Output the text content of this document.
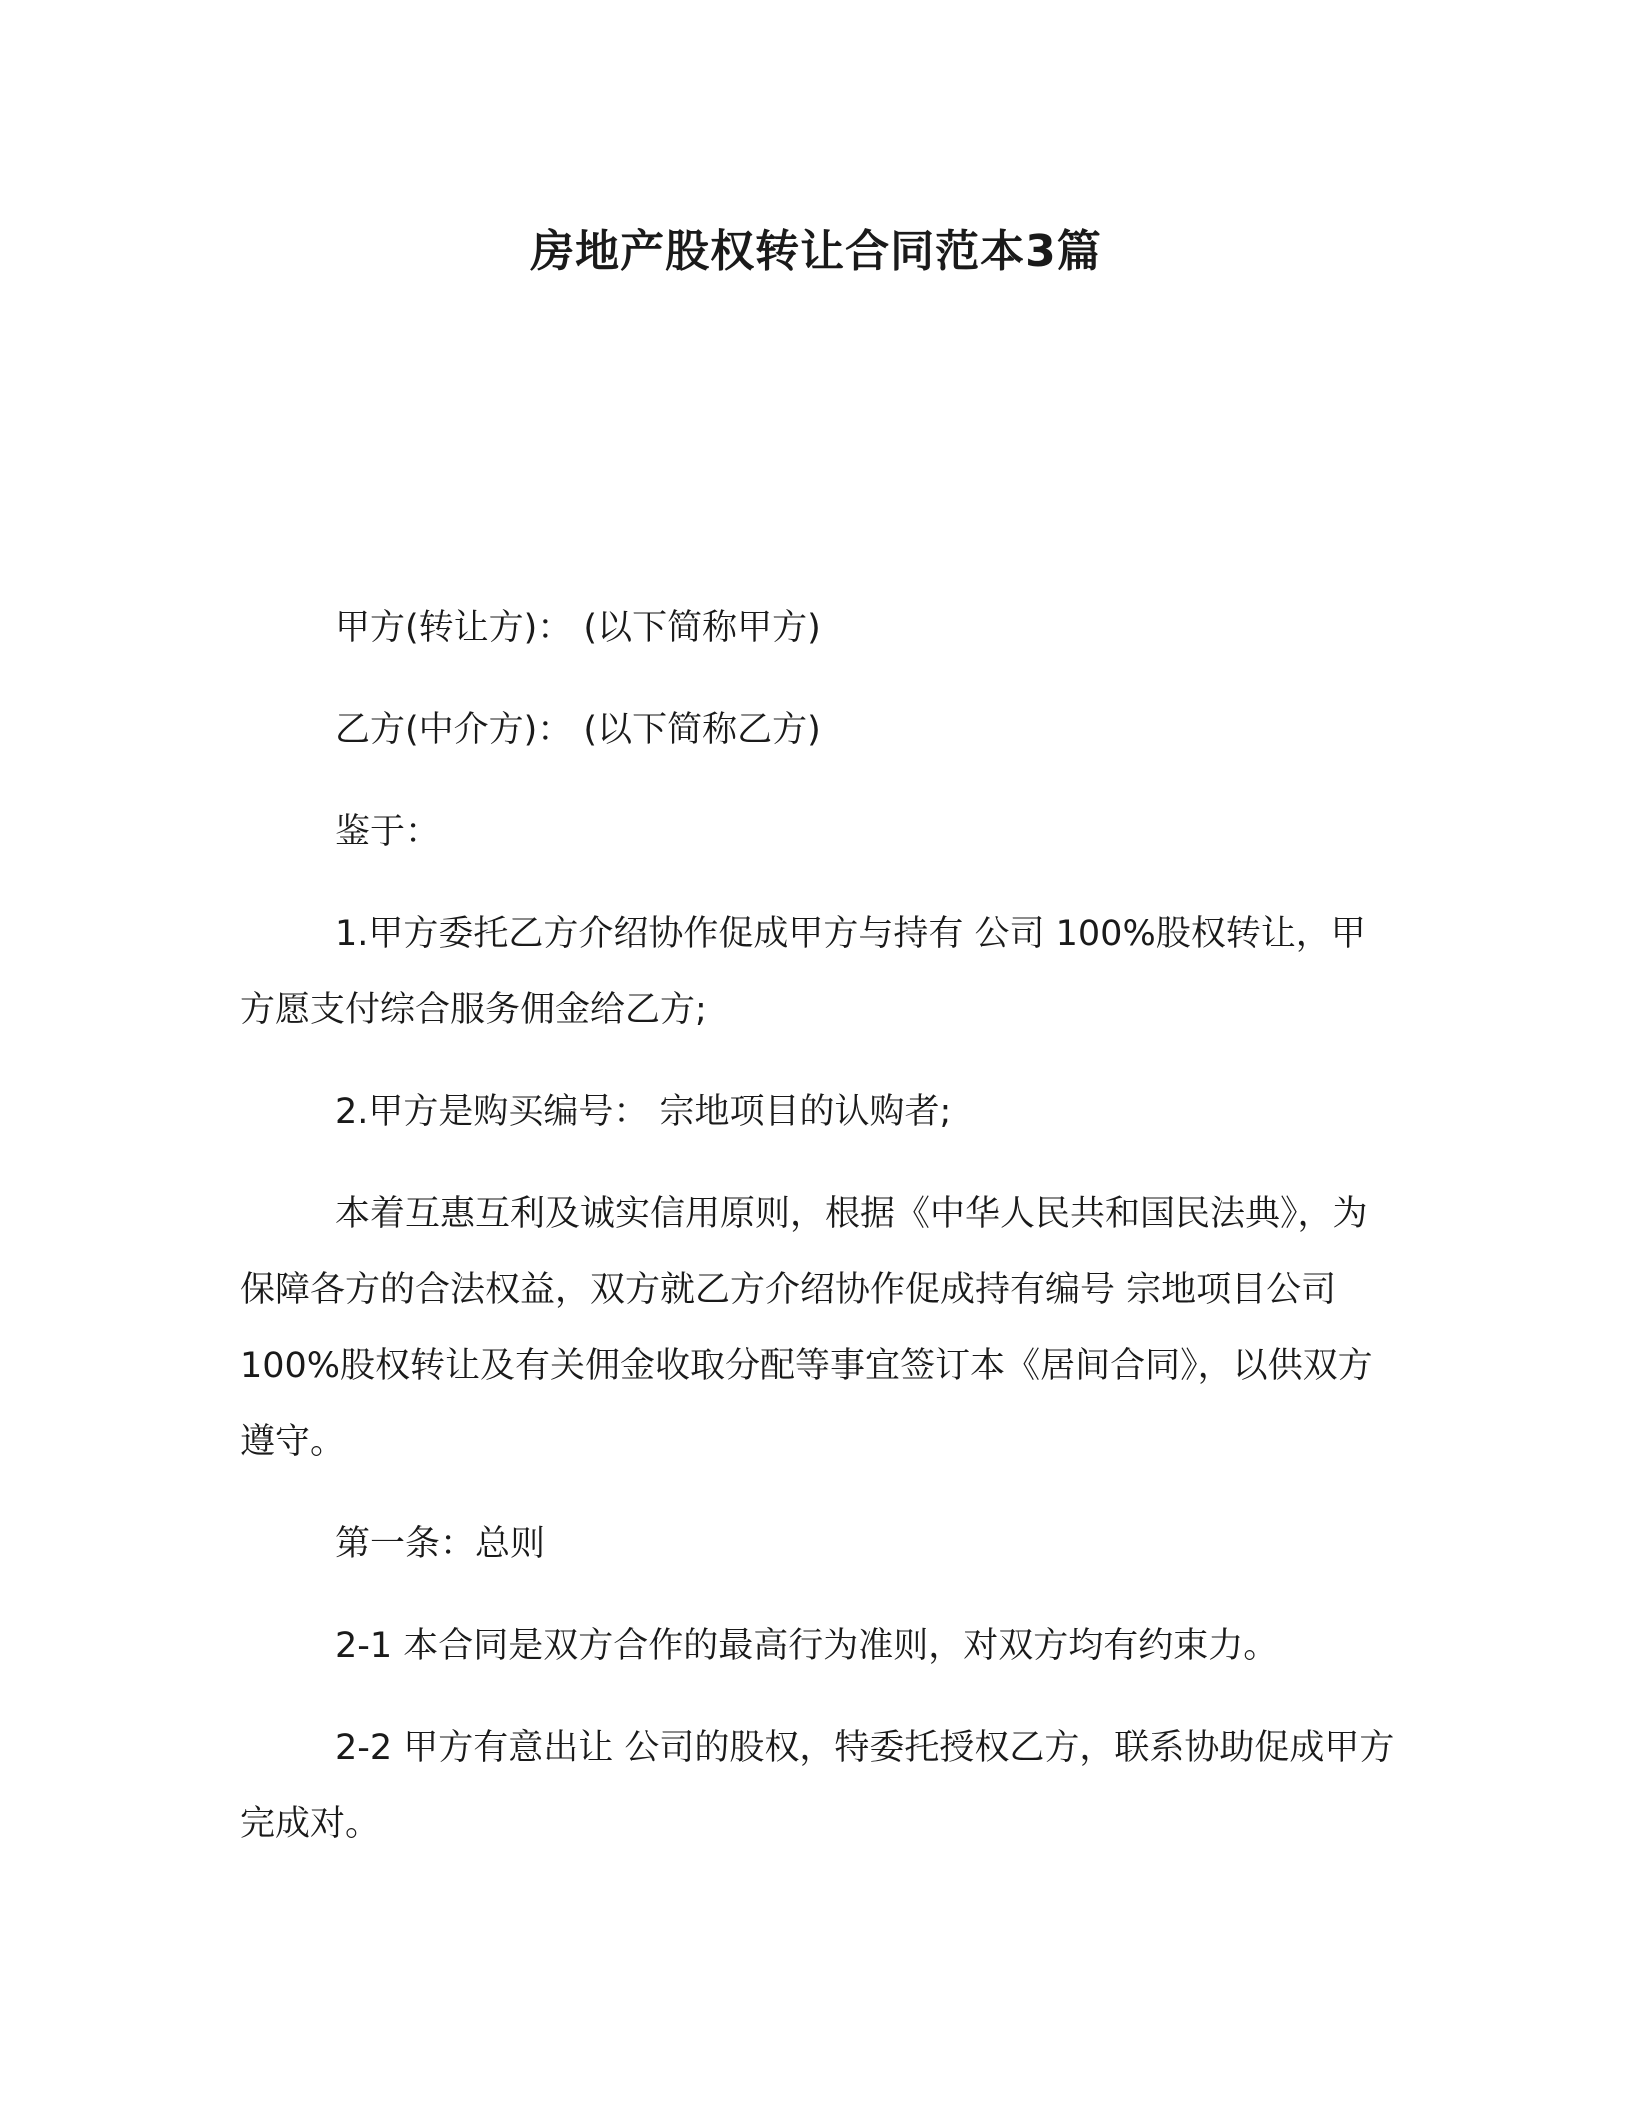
房地产股权转让合同范本3篇

甲方(转让方)： (以下简称甲方)

乙方(中介方)： (以下简称乙方)

鉴于：

1.甲方委托乙方介绍协作促成甲方与持有 公司 100%股权转让，甲方愿支付综合服务佣金给乙方;

2.甲方是购买编号： 宗地项目的认购者;

本着互惠互利及诚实信用原则，根据《中华人民共和国民法典》，为保障各方的合法权益，双方就乙方介绍协作促成持有编号 宗地项目公司 100%股权转让及有关佣金收取分配等事宜签订本《居间合同》，以供双方遵守。

第一条：总则

2-1 本合同是双方合作的最高行为准则，对双方均有约束力。

2-2 甲方有意出让 公司的股权，特委托授权乙方，联系协助促成甲方完成对。
